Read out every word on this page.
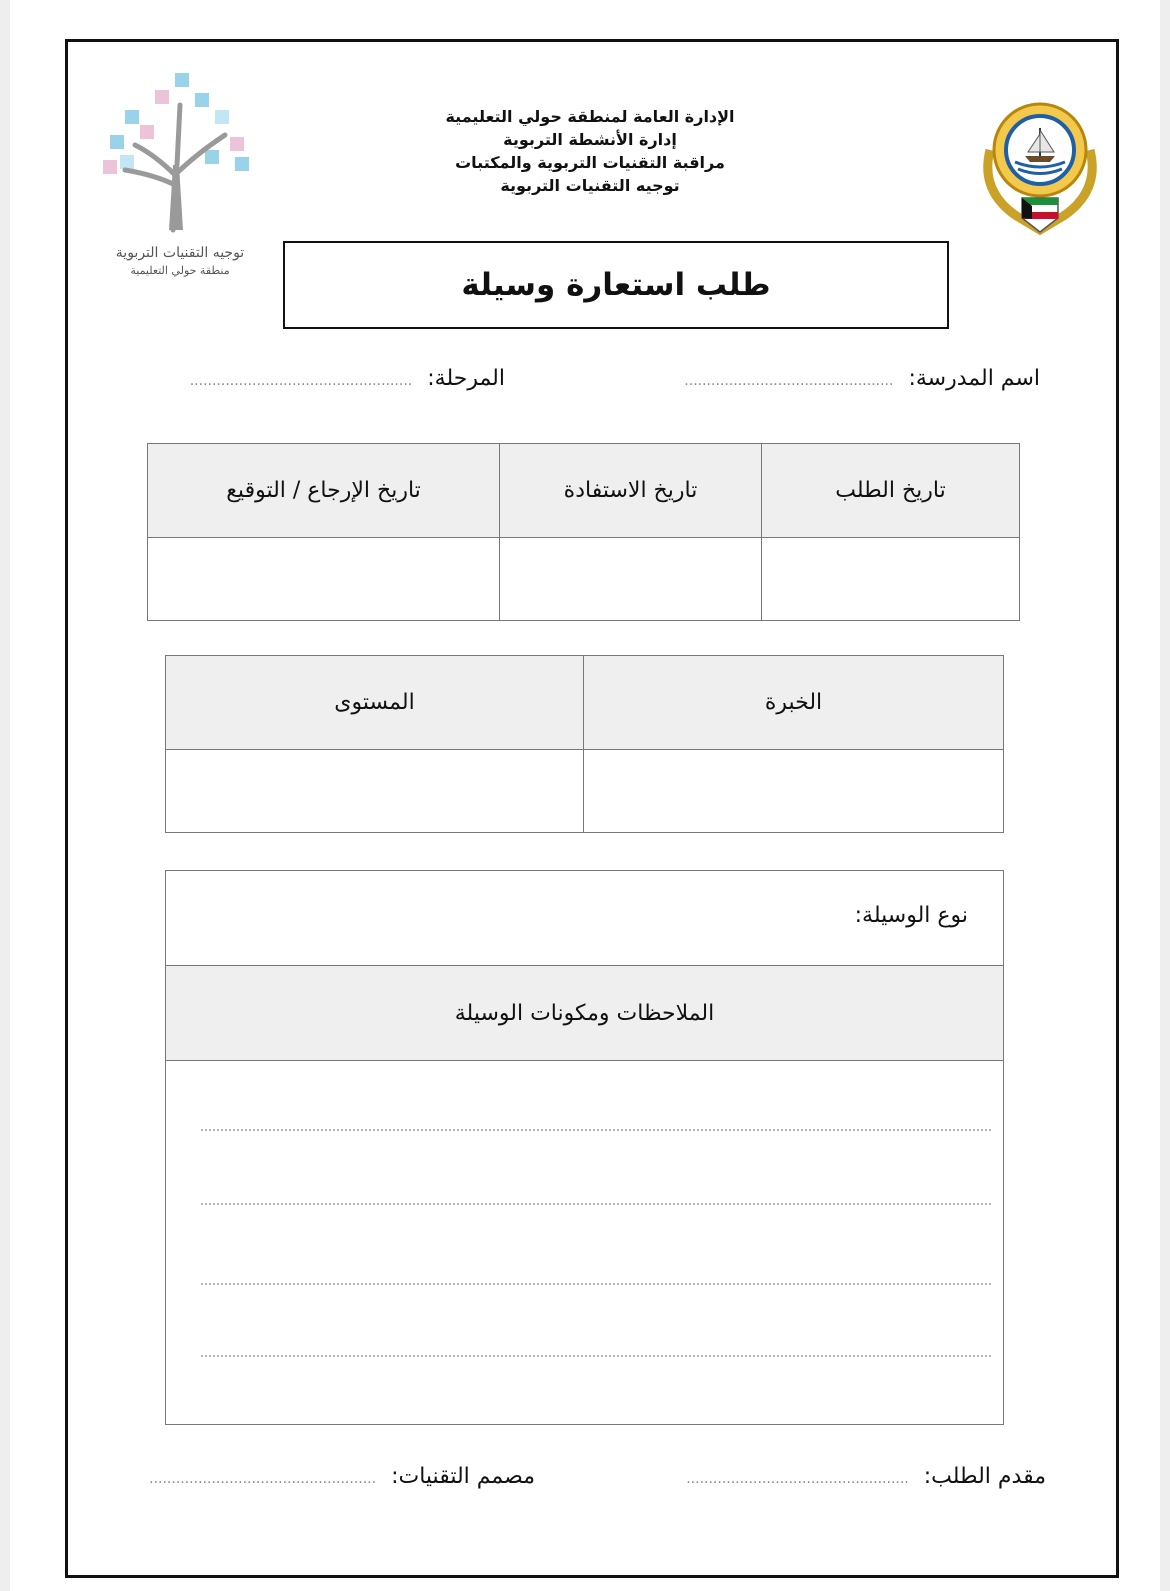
توجيه التقنيات التربوية
منطقة حولي التعليمية
الإدارة العامة لمنطقة حولي التعليمية
إدارة الأنشطة التربوية
مراقبة التقنيات التربوية والمكتبات
توجيه التقنيات التربوية
طلب استعارة وسيلة
اسم المدرسة: ...............................................
المرحلة: ..................................................
تاريخ الطلب	تاريخ الاستفادة	تاريخ الإرجاع / التوقيع

الخبرة	المستوى

نوع الوسيلة:
الملاحظات ومكونات الوسيلة
مقدم الطلب: ..................................................
مصمم التقنيات: ...................................................
